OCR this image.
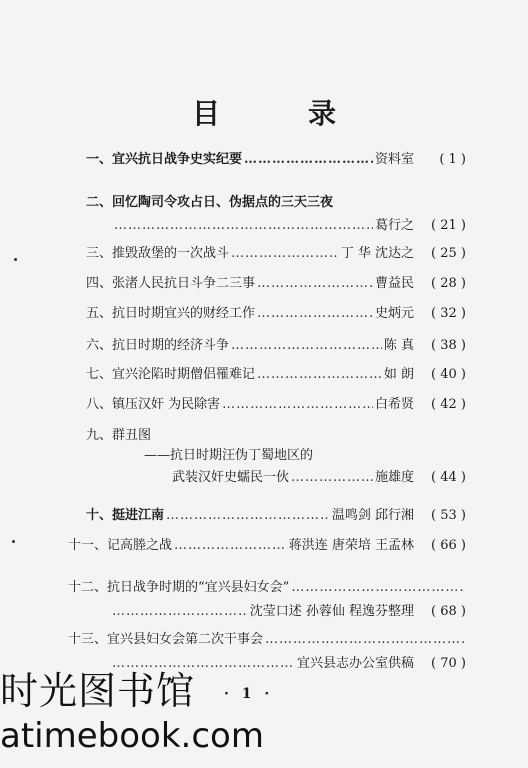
目	录
一、 宜兴抗日战争史实纪要 ……………………………………………………………………………………	资料室	( 1 )
二、回忆陶司令攻占日、伪据点的三天三夜
……………………………………………………………………………………
葛行之	( 21 )
三、 推毁敌堡的一次战斗 ……………………………………………………………………………………	丁 华 沈达之	( 25 )
四、 张渚人民抗日斗争二三事 ……………………………………………………………………………………	曹益民	( 28 )
五、 抗日时期宜兴的财经工作 ……………………………………………………………………………………	史炳元	( 32 )
六、 抗日时期的经济斗争 ……………………………………………………………………………………	陈 真	( 38 )
七、 宜兴沦陷时期僧侣罹难记 ……………………………………………………………………………………	如 朗	( 40 )
八、 镇压汉奸 为民除害 ……………………………………………………………………………………	白希贤	( 42 )
九、群丑图
——抗日时期汪伪丁蜀地区的
武装汉奸史蠕民一伙 ……………………………………………………………………………………	施雄度	( 44 )
十、 挺进江南 ……………………………………………………………………………………	温鸣剑 邱行湘	( 53 )
十一、 记高塍之战 ……………………………………………………………………………………	蒋洪连 唐荣培 王孟林	( 66 )
十二、 抗日战争时期的“宜兴县妇女会”
……………………………………………………………………………………
……………………………………………………………………………………
沈莹口述 孙蓉仙 程逸芬整理	( 68 )
十三、 宜兴县妇女会第二次干事会
……………………………………………………………………………………
……………………………………………………………………………………
宜兴县志办公室供稿	( 70 )
· 1 ·
时光图书馆
atimebook.com
